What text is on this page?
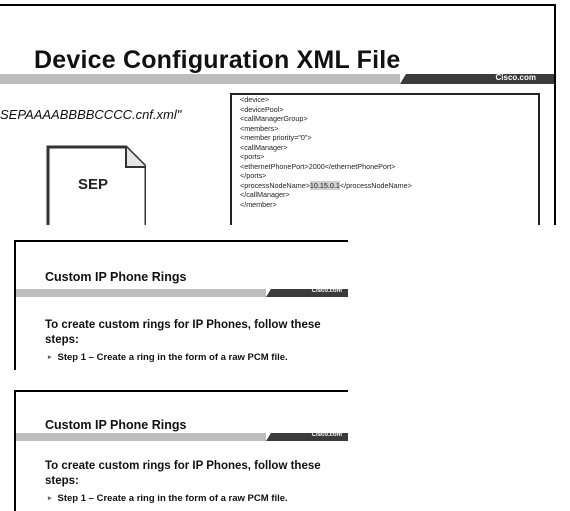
Device Configuration XML File
Cisco.com
SEPAAAABBBBCCCC.cnf.xml"
SEP
<device>
<devicePool>
<callManagerGroup>
<members>
<member priority="0">
<callManager>
<ports>
<ethernetPhonePort>2000</ethernetPhonePort>
</ports>
<processNodeName>10.15.0.1</processNodeName>
</callManager>
</member>
Custom IP Phone Rings
Cisco.com
To create custom rings for IP Phones, follow these steps:
▸ Step 1 – Create a ring in the form of a raw PCM file.
Custom IP Phone Rings
Cisco.com
To create custom rings for IP Phones, follow these steps:
▸ Step 1 – Create a ring in the form of a raw PCM file.
